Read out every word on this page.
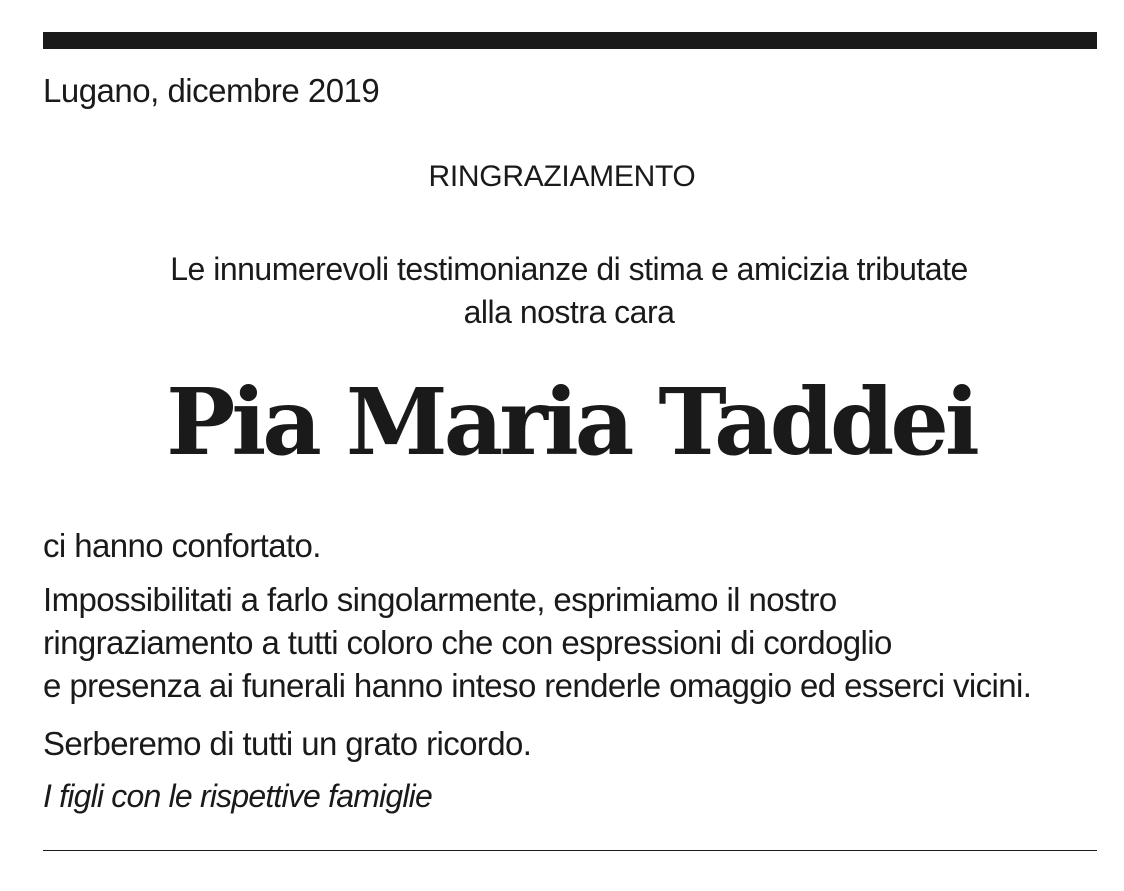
Lugano, dicembre 2019
RINGRAZIAMENTO
Le innumerevoli testimonianze di stima e amicizia tributate
alla nostra cara
Pia Maria Taddei
ci hanno confortato.
Impossibilitati a farlo singolarmente, esprimiamo il nostro
ringraziamento a tutti coloro che con espressioni di cordoglio
e presenza ai funerali hanno inteso renderle omaggio ed esserci vicini.
Serberemo di tutti un grato ricordo.
I figli con le rispettive famiglie
